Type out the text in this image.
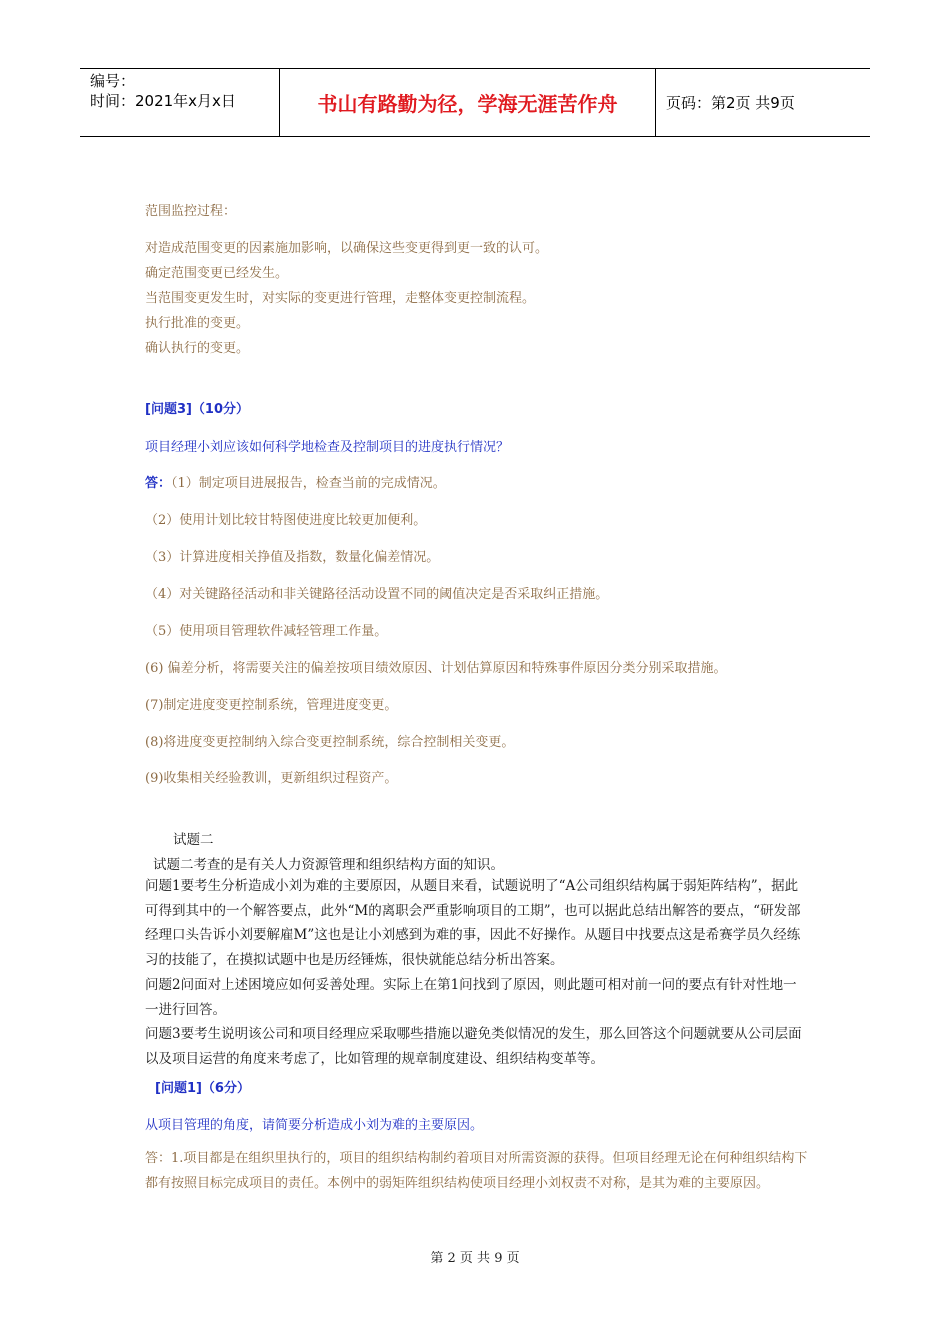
编号：
时间：2021年x月x日	书山有路勤为径，学海无涯苦作舟	页码：第2页 共9页
范围监控过程：
对造成范围变更的因素施加影响，以确保这些变更得到更一致的认可。
确定范围变更已经发生。
当范围变更发生时，对实际的变更进行管理，走整体变更控制流程。
执行批准的变更。
确认执行的变更。
[问题3]（10分）
项目经理小刘应该如何科学地检查及控制项目的进度执行情况？
答：（1）制定项目进展报告，检查当前的完成情况。
（2）使用计划比较甘特图使进度比较更加便利。
（3）计算进度相关挣值及指数，数量化偏差情况。
（4）对关键路径活动和非关键路径活动设置不同的阈值决定是否采取纠正措施。
（5）使用项目管理软件减轻管理工作量。
(6) 偏差分析，将需要关注的偏差按项目绩效原因、计划估算原因和特殊事件原因分类分别采取措施。
(7)制定进度变更控制系统，管理进度变更。
(8)将进度变更控制纳入综合变更控制系统，综合控制相关变更。
(9)收集相关经验教训，更新组织过程资产。
试题二
试题二考查的是有关人力资源管理和组织结构方面的知识。
问题1要考生分析造成小刘为难的主要原因，从题目来看，试题说明了“A公司组织结构属于弱矩阵结构”，据此可得到其中的一个解答要点，此外“M的离职会严重影响项目的工期”，也可以据此总结出解答的要点，“研发部经理口头告诉小刘要解雇M”这也是让小刘感到为难的事，因此不好操作。从题目中找要点这是希赛学员久经练习的技能了，在摸拟试题中也是历经锤炼，很快就能总结分析出答案。
问题2问面对上述困境应如何妥善处理。实际上在第1问找到了原因，则此题可相对前一问的要点有针对性地一一进行回答。
问题3要考生说明该公司和项目经理应采取哪些措施以避免类似情况的发生，那么回答这个问题就要从公司层面以及项目运营的角度来考虑了，比如管理的规章制度建设、组织结构变革等。
[问题1]（6分）
从项目管理的角度，请简要分析造成小刘为难的主要原因。
答：1.项目都是在组织里执行的，项目的组织结构制约着项目对所需资源的获得。但项目经理无论在何种组织结构下都有按照目标完成项目的责任。本例中的弱矩阵组织结构使项目经理小刘权责不对称，是其为难的主要原因。
第 2 页 共 9 页
